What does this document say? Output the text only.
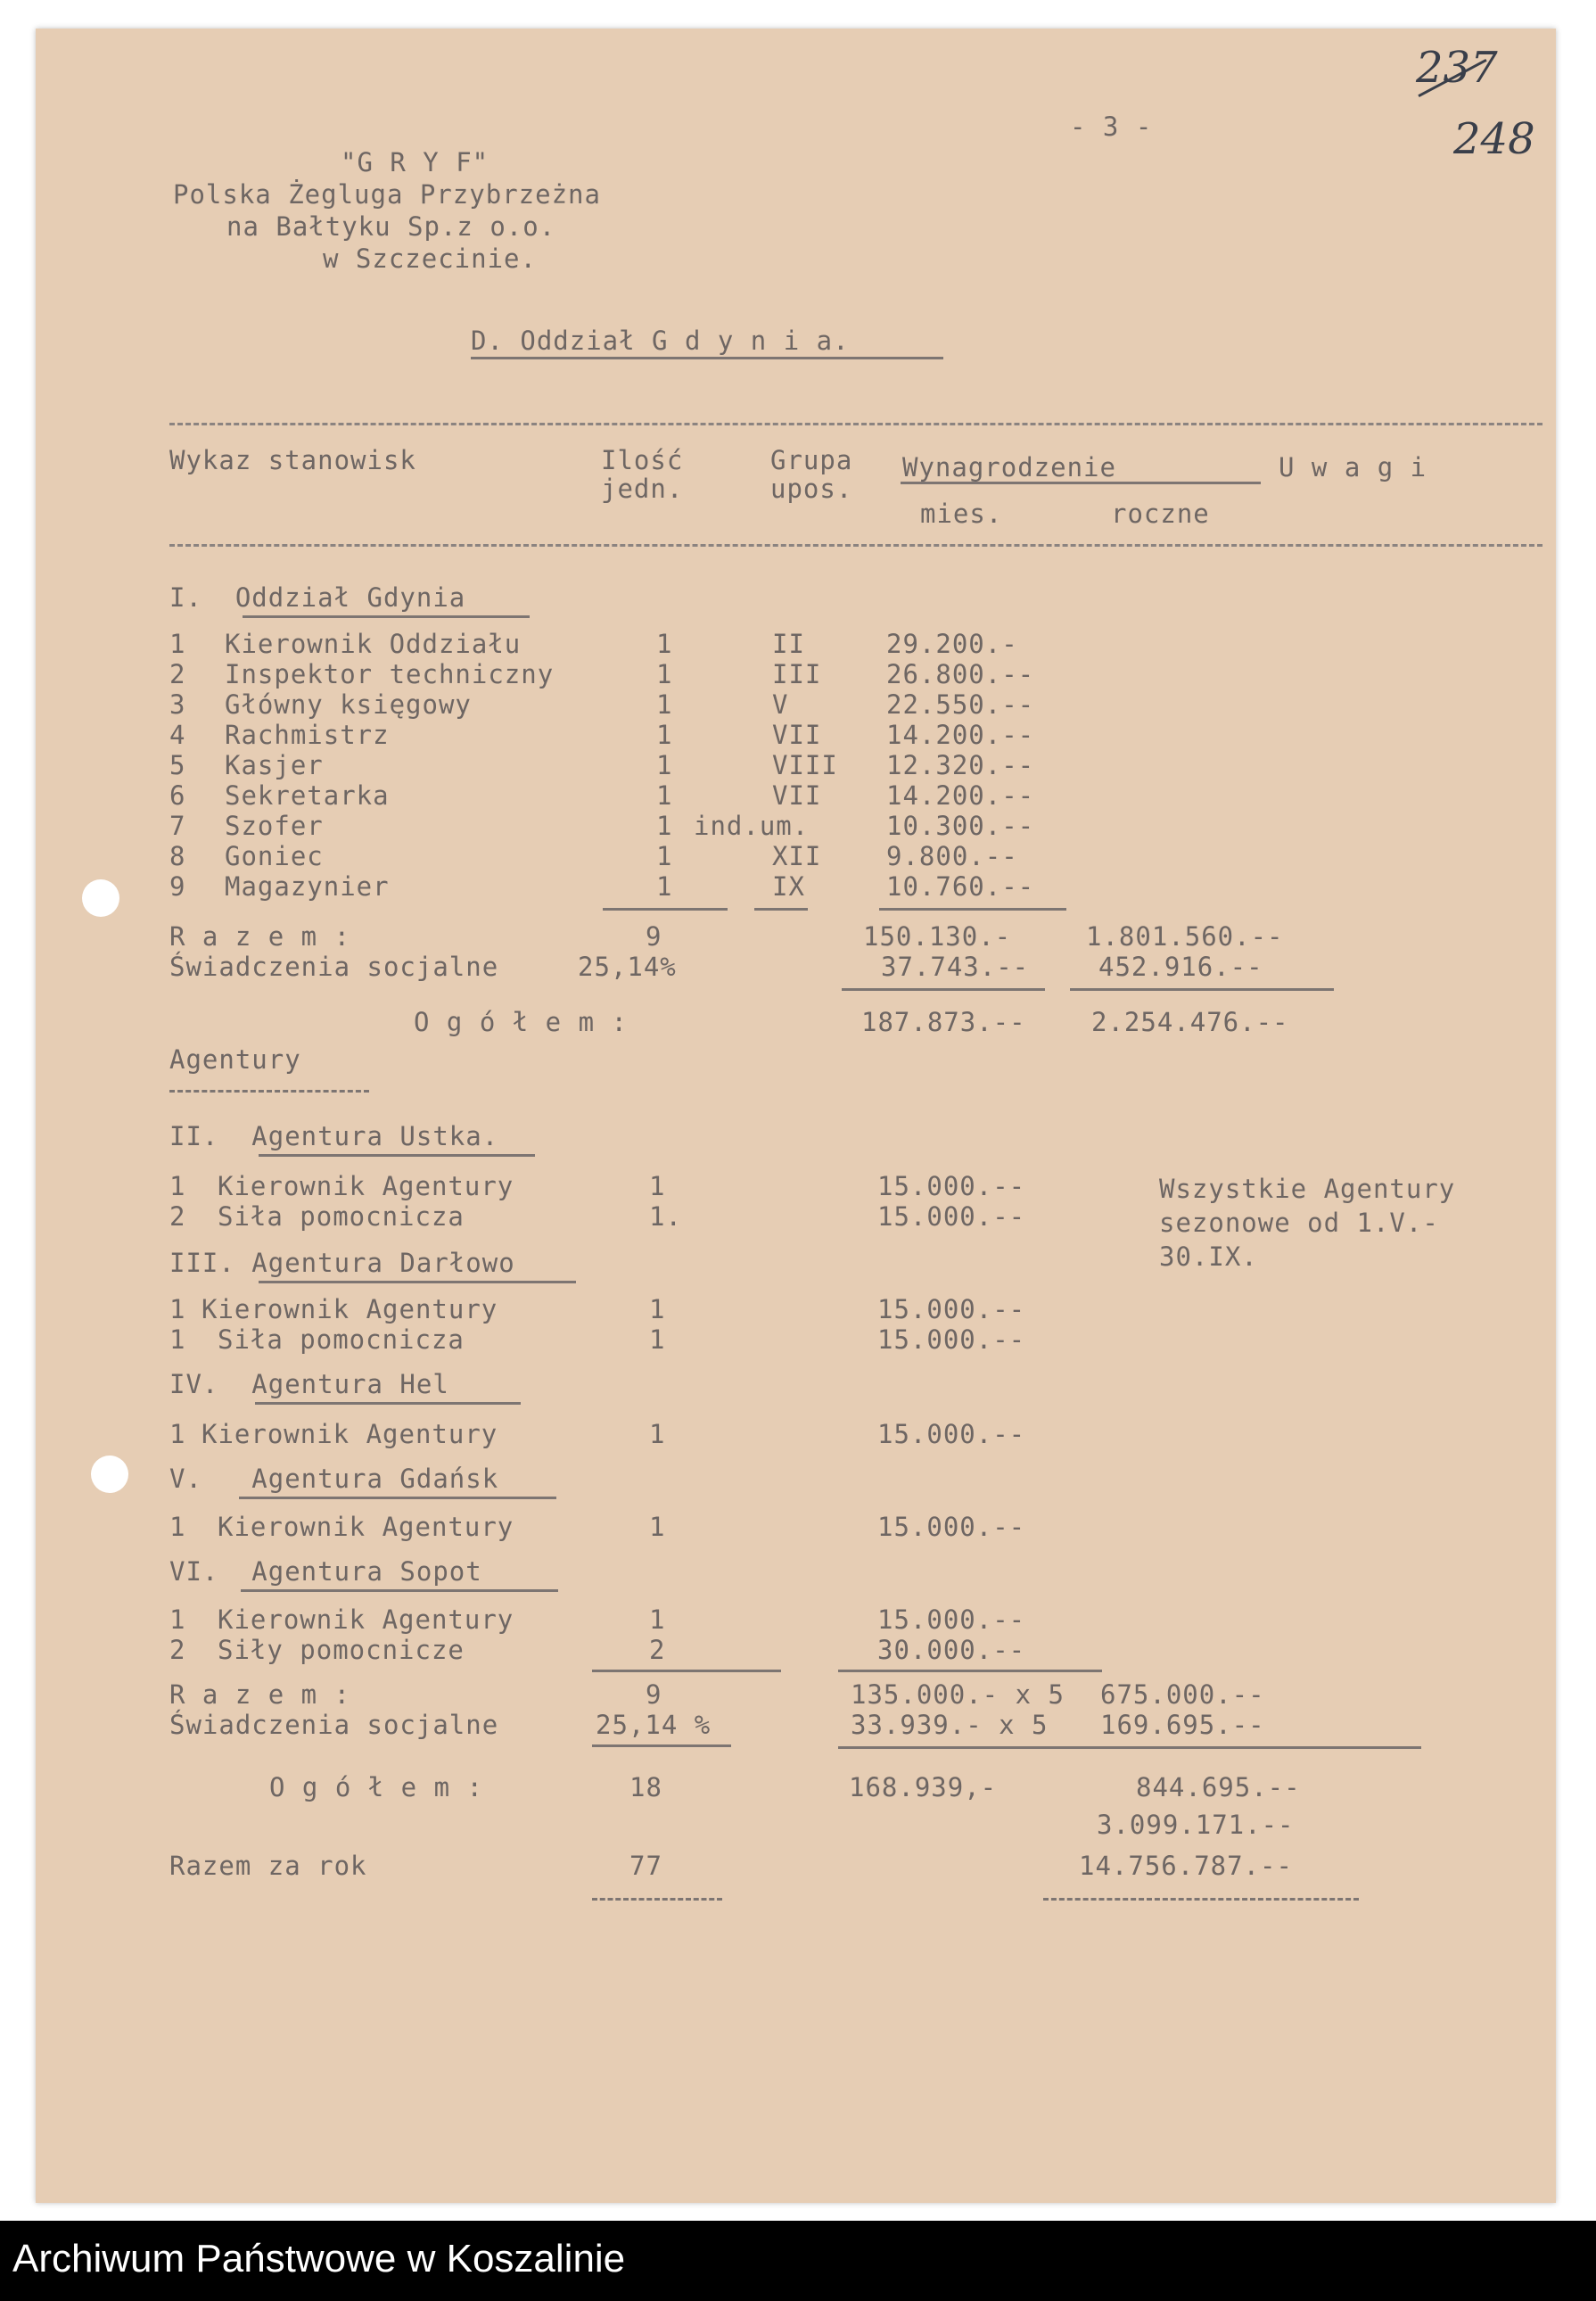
237
248
- 3 -
"G R Y F"
Polska Żegluga Przybrzeżna
na Bałtyku Sp.z o.o.
w Szczecinie.
D. Oddział G d y n i a.
Wykaz stanowisk	Ilość
jedn.
Grupa
upos.
Wynagrodzenie
mies.	roczne
U w a g i
I.  Oddział Gdynia
1 Kierownik Oddziału	1	II	29.200.-
2 Inspektor techniczny	1	III	26.800.--
3 Główny księgowy	1	V	22.550.--
4 Rachmistrz	1	VII	14.200.--
5 Kasjer	1	VIII 12.320.--
6 Sekretarka	1	VII	14.200.--
7 Szofer	1 ind.um.	10.300.--
8 Goniec	1	XII	9.800.--
9 Magazynier	1	IX	10.760.--
R a z e m :	9	150.130.-	1.801.560.--
Świadczenia socjalne	25,14%	37.743.--	452.916.--
O g ó ł e m :	187.873.--	2.254.476.--
Agentury
II.  Agentura Ustka.
1 Kierownik Agentury	1	15.000.--
2 Siła pomocnicza	1.	15.000.--
Wszystkie Agentury
sezonowe od 1.V.-
30.IX.
III. Agentura Darłowo
1 Kierownik Agentury	1	15.000.--
1 Siła pomocnicza	1	15.000.--
IV.  Agentura Hel
1 Kierownik Agentury	1	15.000.--
V.   Agentura Gdańsk
1 Kierownik Agentury	1	15.000.--
VI.  Agentura Sopot
1 Kierownik Agentury	1	15.000.--
2 Siły pomocnicze	2	30.000.--
R a z e m :	9	135.000.- x 5 675.000.--
Świadczenia socjalne	25,14 %	33.939.- x 5 169.695.--
O g ó ł e m :	18	168.939,-	844.695.--
3.099.171.--
Razem za rok	77	14.756.787.--
Archiwum Państwowe w Koszalinie
